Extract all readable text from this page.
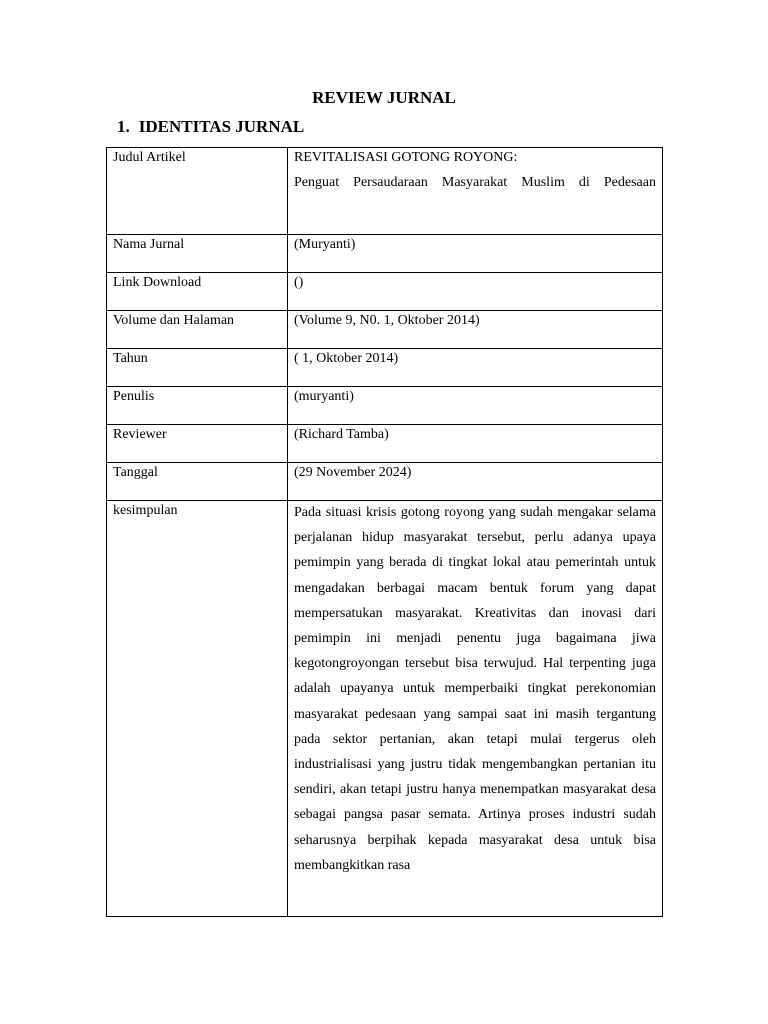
REVIEW JURNAL
1. IDENTITAS JURNAL
Judul Artikel	REVITALISASI GOTONG ROYONG:
Penguat Persaudaraan Masyarakat Muslim di Pedesaan

Nama Jurnal	(Muryanti)

Link Download	()

Volume dan Halaman	(Volume 9, N0. 1, Oktober 2014)

Tahun	( 1, Oktober 2014)

Penulis	(muryanti)

Reviewer	(Richard Tamba)

Tanggal	(29 November 2024)

kesimpulan	Pada situasi krisis gotong royong yang sudah mengakar selama perjalanan hidup masyarakat tersebut, perlu adanya upaya pemimpin yang berada di tingkat lokal atau pemerintah untuk mengadakan berbagai macam bentuk forum yang dapat mempersatukan masyarakat. Kreativitas dan inovasi dari pemimpin ini menjadi penentu juga bagaimana jiwa kegotongroyongan tersebut bisa terwujud. Hal terpenting juga adalah upayanya untuk memperbaiki tingkat perekonomian masyarakat pedesaan yang sampai saat ini masih tergantung pada sektor pertanian, akan tetapi mulai tergerus oleh industrialisasi yang justru tidak mengembangkan pertanian itu sendiri, akan tetapi justru hanya menempatkan masyarakat desa sebagai pangsa pasar semata. Artinya proses industri sudah seharusnya berpihak kepada masyarakat desa untuk bisa membangkitkan rasa
